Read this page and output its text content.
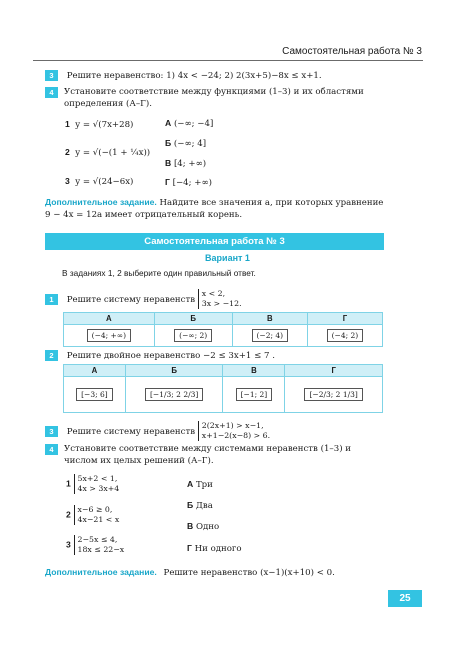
Самостоятельная работа № 3
3 Решите неравенство: 1) 4x < −24; 2) 2(3x+5)−8x ≤ x+1.
4	Установите соответствие между функциями (1–3) и их областями определения (А–Г).
1 y = √(7x+28)
2 y = √(−(1 + ¼x))
3 y = √(24−6x)
А (−∞; −4]
Б (−∞; 4]
В [4; +∞)
Г [−4; +∞)
Дополнительное задание. Найдите все значения a, при которых уравнение 9 − 4x = 12a имеет отрицательный корень.
Самостоятельная работа № 3
Вариант 1
В заданиях 1, 2 выберите один правильный ответ.
1 Решите систему неравенств x < 2,
3x > −12.
А	Б	В	Г
(−4; +∞)	(−∞; 2)	(−2; 4)	(−4; 2)
2 Решите двойное неравенство −2 ≤ 3x+1 ≤ 7 .
А	Б	В	Г
[−3; 6]	[−1/3; 2 2/3]	[−1; 2]	[−2/3; 2 1/3]
3 Решите систему неравенств 2(2x+1) > x−1,
x+1−2(x−8) > 6.
4	Установите соответствие между системами неравенств (1–3) и числом их целых решений (А–Г).
1 5x+2 < 1,
4x > 3x+4
2 x−6 ≥ 0,
4x−21 < x
3 2−5x ≤ 4,
18x ≤ 22−x
А Три
Б Два
В Одно
Г Ни одного
Дополнительное задание. Решите неравенство (x−1)(x+10) < 0.
25
